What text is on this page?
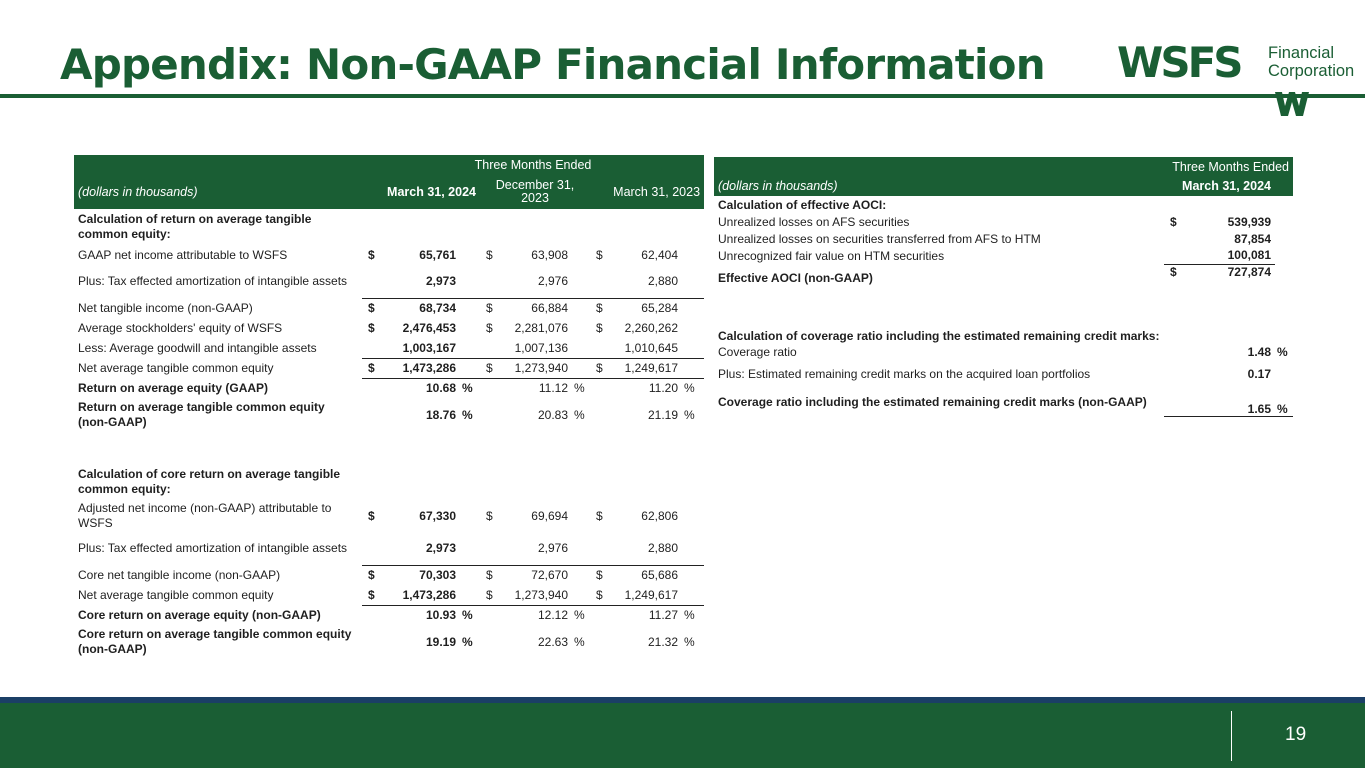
Appendix: Non-GAAP Financial Information WSFS Financial
Corporation
	Three Months Ended								
(dollars in thousands)	March 31, 2024			December 31, 2023			March 31, 2023		
Calculation of return on average tangible common equity:									
GAAP net income attributable to WSFS	$	65,761		$	63,908		$	62,404	
Plus: Tax effected amortization of intangible assets		2,973			2,976			2,880	
Net tangible income (non-GAAP)	$	68,734		$	66,884		$	65,284	
Average stockholders' equity of WSFS	$	2,476,453		$	2,281,076		$	2,260,262	
Less: Average goodwill and intangible assets		1,003,167			1,007,136			1,010,645	
Net average tangible common equity	$	1,473,286		$	1,273,940		$	1,249,617	
Return on average equity (GAAP)		10.68	%		11.12	%		11.20	%
Return on average tangible common equity (non-GAAP)		18.76	%		20.83	%		21.19	%
Calculation of core return on average tangible common equity:									
Adjusted net income (non-GAAP) attributable to WSFS	$	67,330		$	69,694		$	62,806	
Plus: Tax effected amortization of intangible assets		2,973			2,976			2,880	
Core net tangible income (non-GAAP)	$	70,303		$	72,670		$	65,686	
Net average tangible common equity	$	1,473,286		$	1,273,940		$	1,249,617	
Core return on average equity (non-GAAP)		10.93	%		12.12	%		11.27	%
Core return on average tangible common equity (non-GAAP)		19.19	%		22.63	%		21.32	%
	Three Months Ended		
(dollars in thousands)	March 31, 2024		
Calculation of effective AOCI:			
Unrealized losses on AFS securities	$	539,939	
Unrealized losses on securities transferred from AFS to HTM		87,854	
Unrecognized fair value on HTM securities		100,081	
Effective AOCI (non-GAAP)	$	727,874	
Calculation of coverage ratio including the estimated remaining credit marks:			
Coverage ratio		1.48	%
Plus: Estimated remaining credit marks on the acquired loan portfolios		0.17	
Coverage ratio including the estimated remaining credit marks (non-GAAP)		1.65	%
19
